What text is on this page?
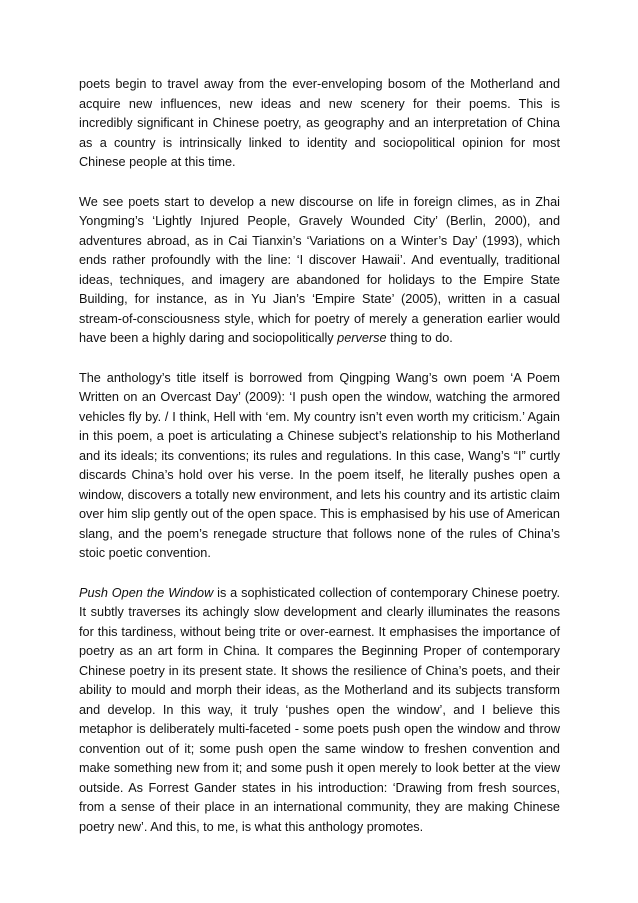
poets begin to travel away from the ever-enveloping bosom of the Motherland and acquire new influences, new ideas and new scenery for their poems. This is incredibly significant in Chinese poetry, as geography and an interpretation of China as a country is intrinsically linked to identity and sociopolitical opinion for most Chinese people at this time.

We see poets start to develop a new discourse on life in foreign climes, as in Zhai Yongming’s ‘Lightly Injured People, Gravely Wounded City’ (Berlin, 2000), and adventures abroad, as in Cai Tianxin’s ‘Variations on a Winter’s Day’ (1993), which ends rather profoundly with the line: ‘I discover Hawaii’. And eventually, traditional ideas, techniques, and imagery are abandoned for holidays to the Empire State Building, for instance, as in Yu Jian’s ‘Empire State’ (2005), written in a casual stream-of-consciousness style, which for poetry of merely a generation earlier would have been a highly daring and sociopolitically perverse thing to do.

The anthology’s title itself is borrowed from Qingping Wang’s own poem ‘A Poem Written on an Overcast Day’ (2009): ‘I push open the window, watching the armored vehicles fly by. / I think, Hell with ‘em. My country isn’t even worth my criticism.’ Again in this poem, a poet is articulating a Chinese subject’s relationship to his Motherland and its ideals; its conventions; its rules and regulations. In this case, Wang’s “I” curtly discards China’s hold over his verse. In the poem itself, he literally pushes open a window, discovers a totally new environment, and lets his country and its artistic claim over him slip gently out of the open space. This is emphasised by his use of American slang, and the poem’s renegade structure that follows none of the rules of China’s stoic poetic convention.

Push Open the Window is a sophisticated collection of contemporary Chinese poetry. It subtly traverses its achingly slow development and clearly illuminates the reasons for this tardiness, without being trite or over-earnest. It emphasises the importance of poetry as an art form in China. It compares the Beginning Proper of contemporary Chinese poetry in its present state. It shows the resilience of China’s poets, and their ability to mould and morph their ideas, as the Motherland and its subjects transform and develop. In this way, it truly ‘pushes open the window’, and I believe this metaphor is deliberately multi-faceted - some poets push open the window and throw convention out of it; some push open the same window to freshen convention and make something new from it; and some push it open merely to look better at the view outside. As Forrest Gander states in his introduction: ‘Drawing from fresh sources, from a sense of their place in an international community, they are making Chinese poetry new’. And this, to me, is what this anthology promotes.
